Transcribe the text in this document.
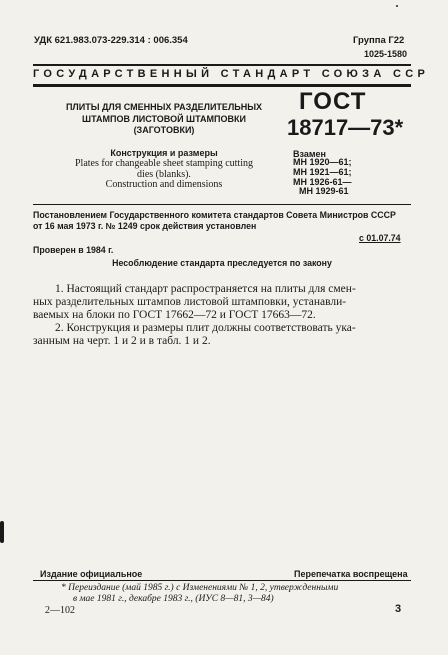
УДК 621.983.073-229.314 : 006.354	Группа Г22
1025-1580
ГОСУДАРСТВЕННЫЙ СТАНДАРТ СОЮЗА ССР
ПЛИТЫ ДЛЯ СМЕННЫХ РАЗДЕЛИТЕЛЬНЫХ
ШТАМПОВ ЛИСТОВОЙ ШТАМПОВКИ
(ЗАГОТОВКИ)
Конструкция и размеры
Plates for changeable sheet stamping cutting
dies (blanks).
Construction and dimensions
ГОСТ
18717—73*
Взамен
МН 1920—61;
МН 1921—61;
МН 1926-61—
МН 1929-61
Постановлением Государственного комитета стандартов Совета Министров СССР
от 16 мая 1973 г. № 1249 срок действия установлен
с 01.07.74
Проверен в 1984 г.
Несоблюдение стандарта преследуется по закону
1. Настоящий стандарт распространяется на плиты для смен-
ных разделительных штампов листовой штамповки, устанавли-
ваемых на блоки по ГОСТ 17662—72 и ГОСТ 17663—72.
2. Конструкция и размеры плит должны соответствовать ука-
занным на черт. 1 и 2 и в табл. 1 и 2.
Издание официальное	Перепечатка воспрещена
* Переиздание (май 1985 г.) с Изменениями № 1, 2, утвержденными
в мае 1981 г., декабре 1983 г., (ИУС 8—81, 3—84)
2—102	3
